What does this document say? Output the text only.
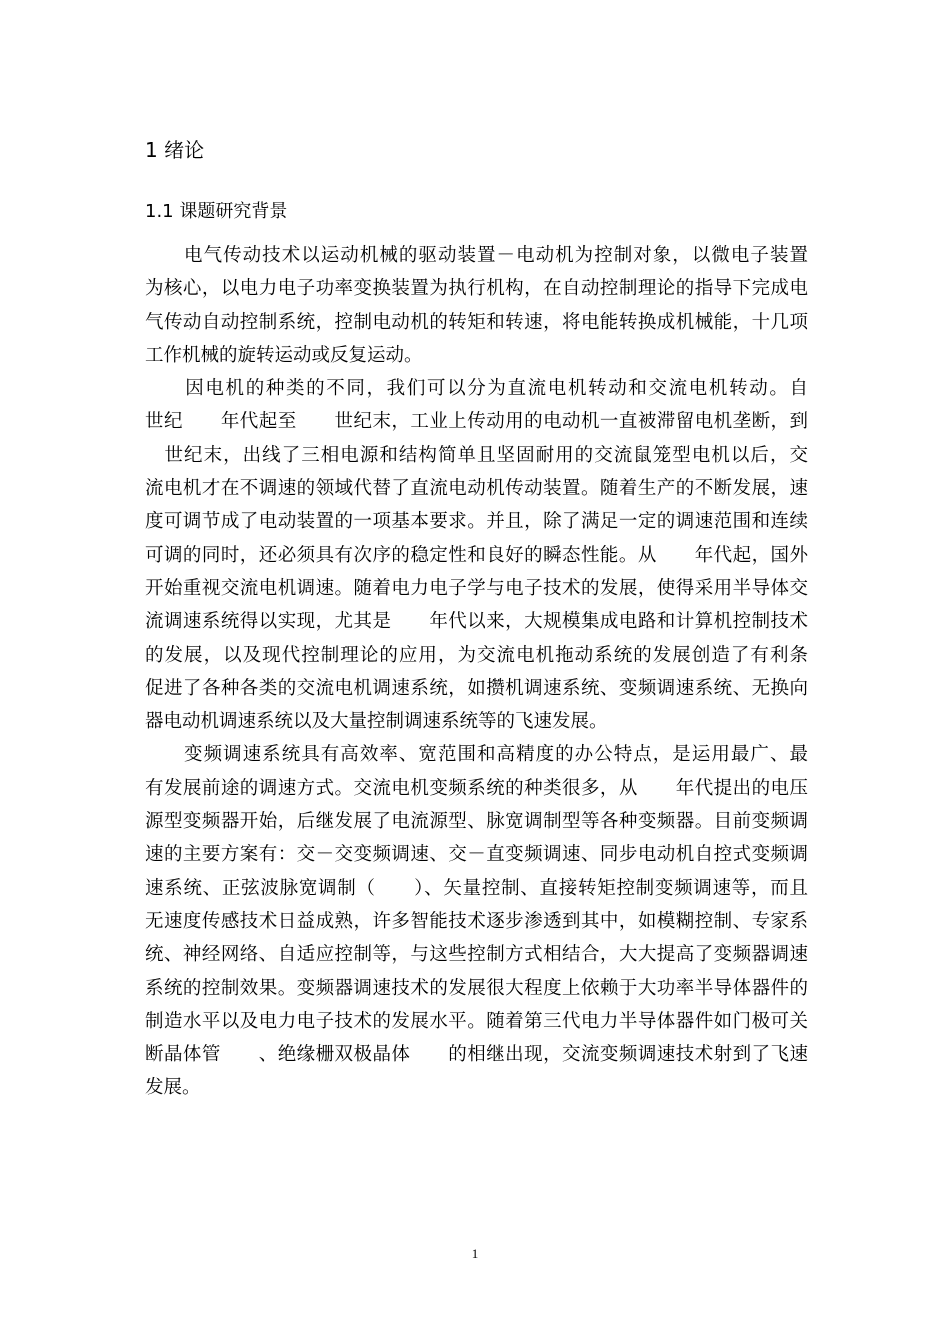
1 绪论
1.1 课题研究背景
　　电气传动技术以运动机械的驱动装置－电动机为控制对象，以微电子装置
为核心，以电力电子功率变换装置为执行机构，在自动控制理论的指导下完成电
气传动自动控制系统，控制电动机的转矩和转速，将电能转换成机械能，十几项
工作机械的旋转运动或反复运动。
　　因电机的种类的不同，我们可以分为直流电机转动和交流电机转动。自
世纪　　年代起至　　世纪末，工业上传动用的电动机一直被滞留电机垄断，到
　世纪末，出线了三相电源和结构简单且坚固耐用的交流鼠笼型电机以后，交
流电机才在不调速的领域代替了直流电动机传动装置。随着生产的不断发展，速
度可调节成了电动装置的一项基本要求。并且，除了满足一定的调速范围和连续
可调的同时，还必须具有次序的稳定性和良好的瞬态性能。从　　年代起，国外
开始重视交流电机调速。随着电力电子学与电子技术的发展，使得采用半导体交
流调速系统得以实现，尤其是　　年代以来，大规模集成电路和计算机控制技术
的发展，以及现代控制理论的应用，为交流电机拖动系统的发展创造了有利条
促进了各种各类的交流电机调速系统，如攒机调速系统、变频调速系统、无换向
器电动机调速系统以及大量控制调速系统等的飞速发展。
　　变频调速系统具有高效率、宽范围和高精度的办公特点，是运用最广、最
有发展前途的调速方式。交流电机变频系统的种类很多，从　　年代提出的电压
源型变频器开始，后继发展了电流源型、脉宽调制型等各种变频器。目前变频调
速的主要方案有：交－交变频调速、交－直变频调速、同步电动机自控式变频调
速系统、正弦波脉宽调制（　　）、矢量控制、直接转矩控制变频调速等，而且
无速度传感技术日益成熟，许多智能技术逐步渗透到其中，如模糊控制、专家系
统、神经网络、自适应控制等，与这些控制方式相结合，大大提高了变频器调速
系统的控制效果。变频器调速技术的发展很大程度上依赖于大功率半导体器件的
制造水平以及电力电子技术的发展水平。随着第三代电力半导体器件如门极可关
断晶体管　　、绝缘栅双极晶体　　的相继出现，交流变频调速技术射到了飞速
发展。
1
